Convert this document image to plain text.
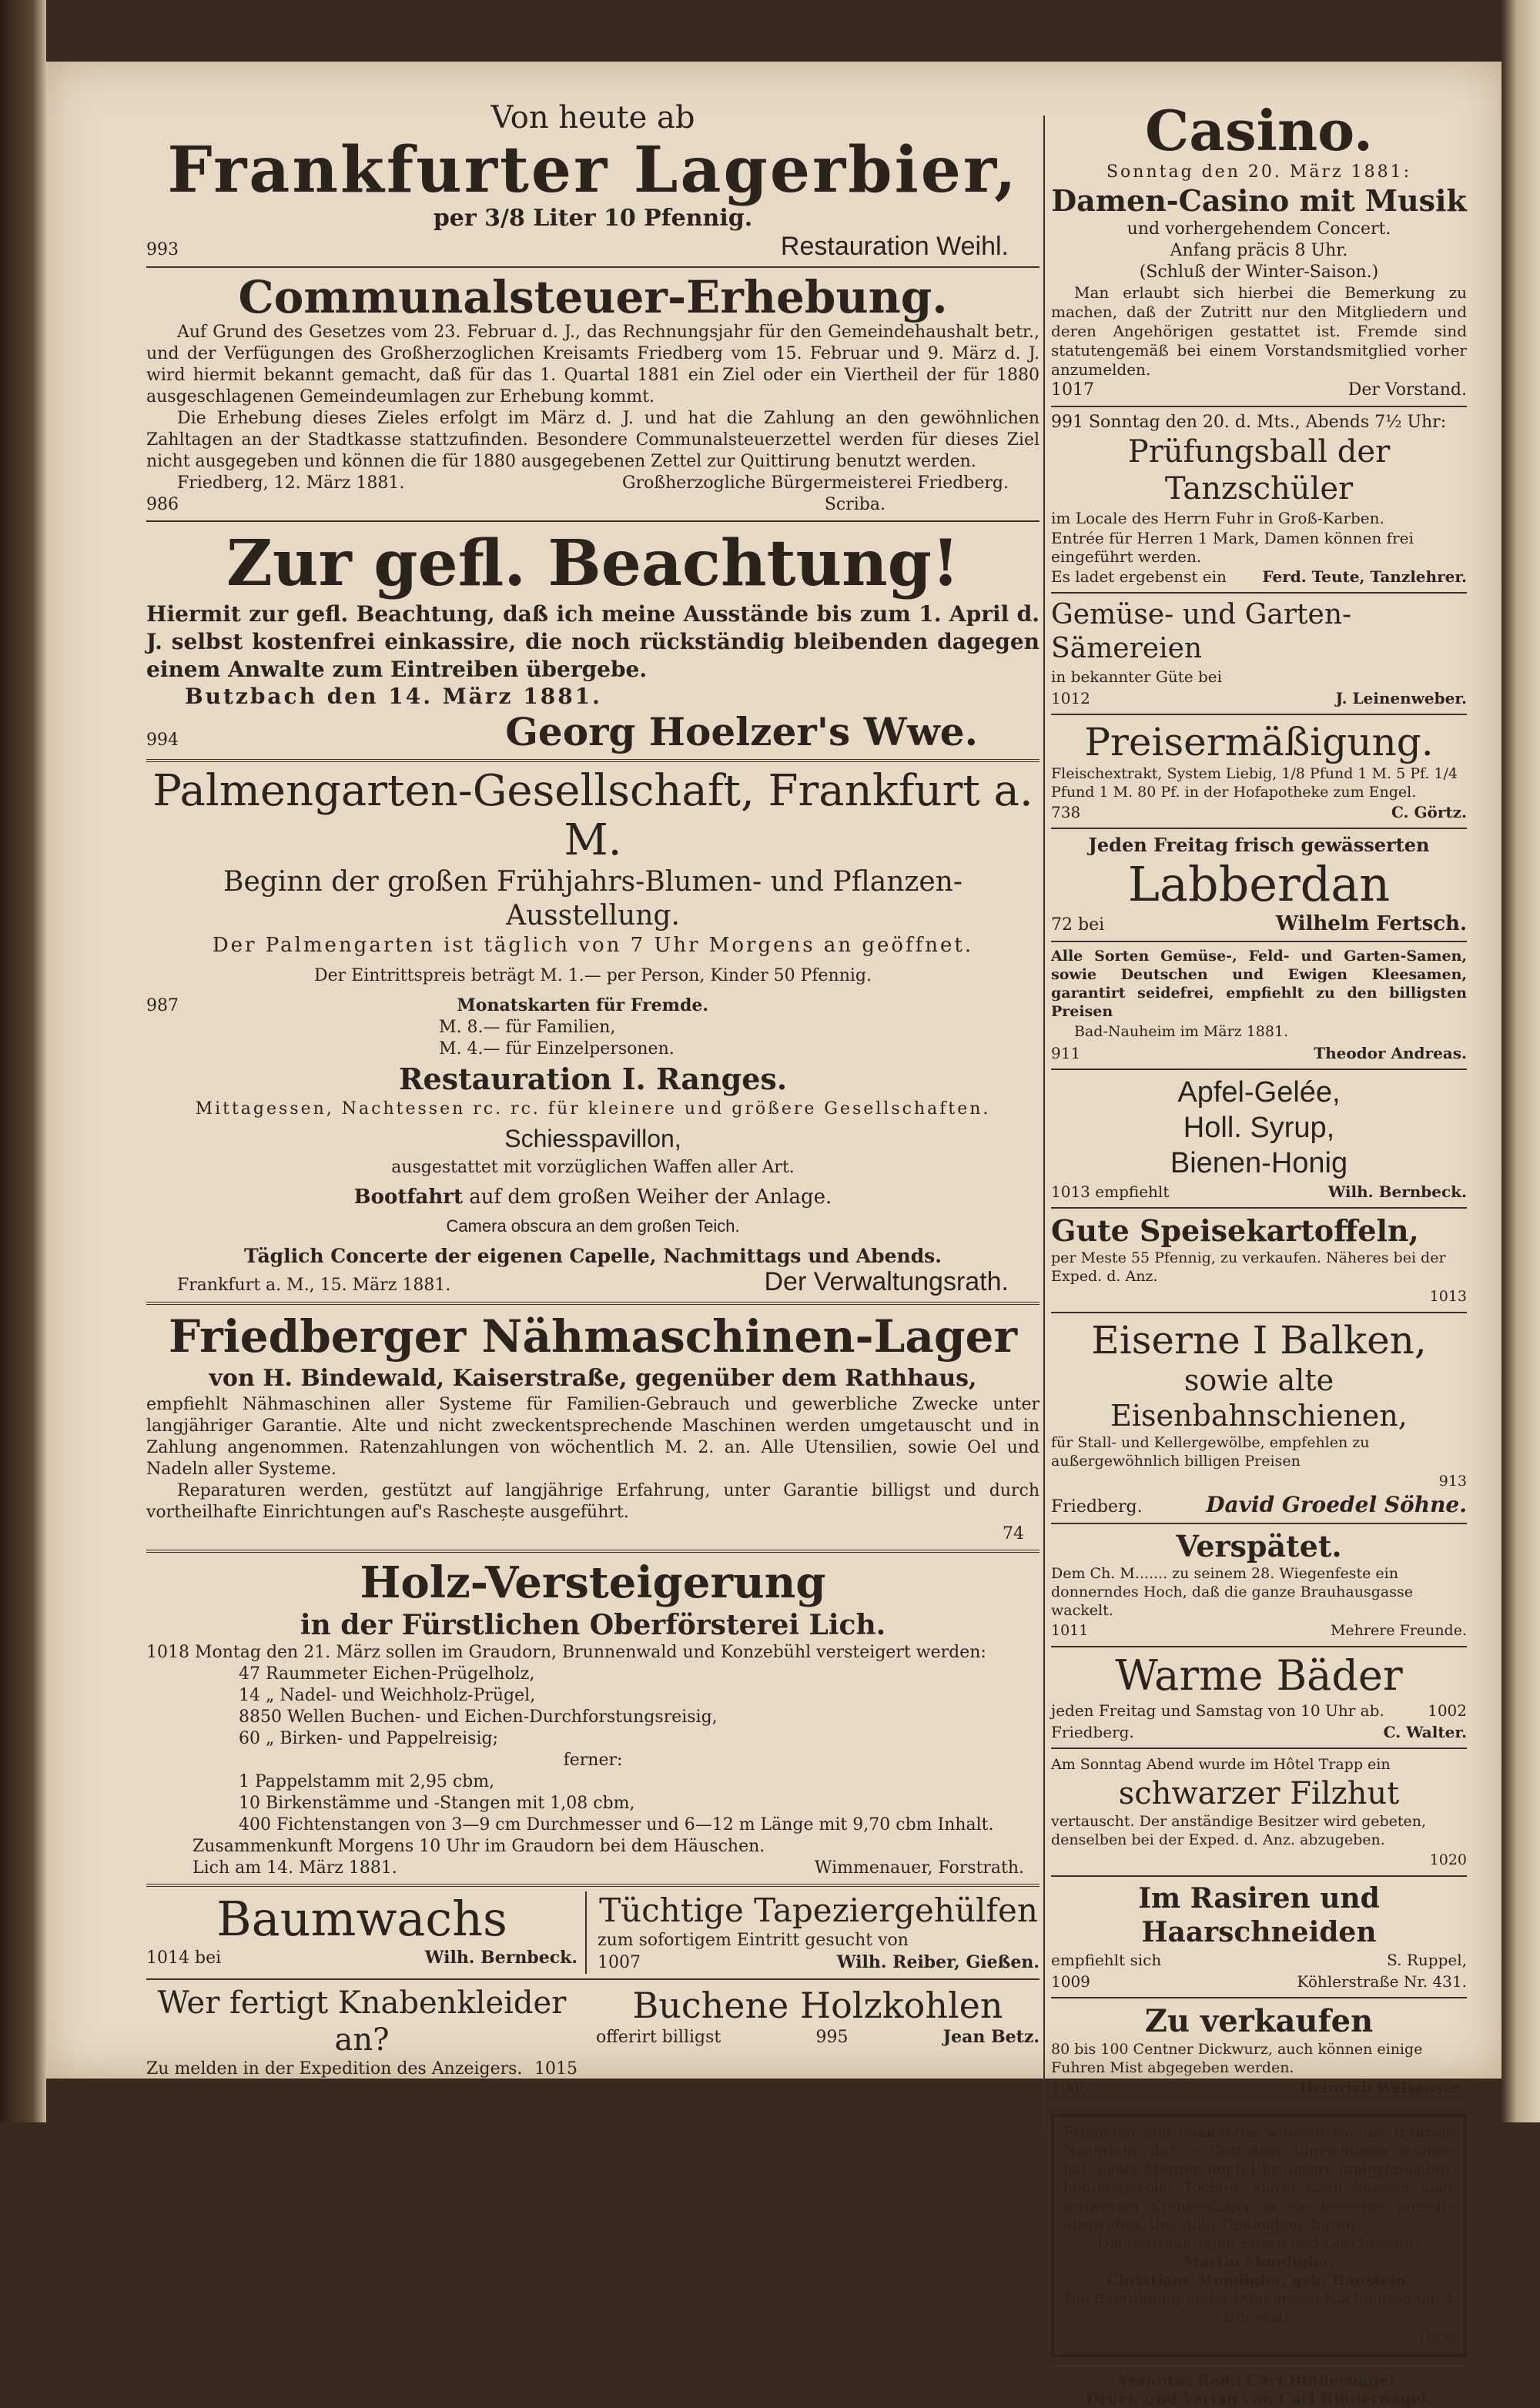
Von heute ab

Frankfurter Lagerbier,

per 3/8 Liter 10 Pfennig.

993	Restauration Weihl.

Communalsteuer-Erhebung.

Auf Grund des Gesetzes vom 23. Februar d. J., das Rechnungsjahr für den Gemeindehaushalt betr., und der Verfügungen des Großherzoglichen Kreisamts Friedberg vom 15. Februar und 9. März d. J. wird hiermit bekannt gemacht, daß für das 1. Quartal 1881 ein Ziel oder ein Viertheil der für 1880 ausgeschlagenen Gemeindeumlagen zur Erhebung kommt.

Die Erhebung dieses Zieles erfolgt im März d. J. und hat die Zahlung an den gewöhnlichen Zahltagen an der Stadtkasse stattzufinden. Besondere Communalsteuerzettel werden für dieses Ziel nicht ausgegeben und können die für 1880 ausgegebenen Zettel zur Quittirung benutzt werden.

Friedberg, 12. März 1881.	Großherzogliche Bürgermeisterei Friedberg.
986	Scriba.

Zur gefl. Beachtung!

Hiermit zur gefl. Beachtung, daß ich meine Ausstände bis zum 1. April d. J. selbst kostenfrei einkassire, die noch rückständig bleibenden dagegen einem Anwalte zum Eintreiben übergebe.

Butzbach den 14. März 1881.

994	Georg Hoelzer's Wwe.

Palmengarten-Gesellschaft, Frankfurt a. M.

Beginn der großen Frühjahrs-Blumen- und Pflanzen-Ausstellung.

Der Palmengarten ist täglich von 7 Uhr Morgens an geöffnet.

Der Eintrittspreis beträgt M. 1.— per Person, Kinder 50 Pfennig.

987	Monatskarten für Fremde.

M. 8.— für Familien,

M. 4.— für Einzelpersonen.

Restauration I. Ranges.

Mittagessen, Nachtessen rc. rc. für kleinere und größere Gesellschaften.

Schiesspavillon,

ausgestattet mit vorzüglichen Waffen aller Art.

Bootfahrt auf dem großen Weiher der Anlage.

Camera obscura an dem großen Teich.

Täglich Concerte der eigenen Capelle, Nachmittags und Abends.

Frankfurt a. M., 15. März 1881.	Der Verwaltungsrath.

Friedberger Nähmaschinen-Lager

von H. Bindewald, Kaiserstraße, gegenüber dem Rathhaus,

empfiehlt Nähmaschinen aller Systeme für Familien-Gebrauch und gewerbliche Zwecke unter langjähriger Garantie. Alte und nicht zweckentsprechende Maschinen werden umgetauscht und in Zahlung angenommen. Ratenzahlungen von wöchentlich M. 2. an. Alle Utensilien, sowie Oel und Nadeln aller Systeme.

Reparaturen werden, gestützt auf langjährige Erfahrung, unter Garantie billigst und durch vortheilhafte Einrichtungen auf's Raschește ausgeführt.

74

Holz-Versteigerung

in der Fürstlichen Oberförsterei Lich.

1018 Montag den 21. März sollen im Graudorn, Brunnenwald und Konzebühl versteigert werden:

47 Raummeter Eichen-Prügelholz,

14 „ Nadel- und Weichholz-Prügel,

8850 Wellen Buchen- und Eichen-Durchforstungsreisig,

60 „ Birken- und Pappelreisig;

ferner:

1 Pappelstamm mit 2,95 cbm,

10 Birkenstämme und -Stangen mit 1,08 cbm,

400 Fichtenstangen von 3—9 cm Durchmesser und 6—12 m Länge mit 9,70 cbm Inhalt.

Zusammenkunft Morgens 10 Uhr im Graudorn bei dem Häuschen.

Lich am 14. März 1881.	Wimmenauer, Forstrath.

Baumwachs

1014 bei	Wilh. Bernbeck.

Tüchtige Tapeziergehülfen

zum sofortigem Eintritt gesucht von

1007	Wilh. Reiber, Gießen.

Wer fertigt Knabenkleider an?

Zu melden in der Expedition des Anzeigers. 1015

Buchene Holzkohlen

offerirt billigst	995	Jean Betz.

Casino.

Sonntag den 20. März 1881:

Damen-Casino mit Musik

und vorhergehendem Concert.

Anfang präcis 8 Uhr.

(Schluß der Winter-Saison.)

Man erlaubt sich hierbei die Bemerkung zu machen, daß der Zutritt nur den Mitgliedern und deren Angehörigen gestattet ist. Fremde sind statutengemäß bei einem Vorstandsmitglied vorher anzumelden.

1017	Der Vorstand.

991 Sonntag den 20. d. Mts., Abends 7½ Uhr:

Prüfungsball der Tanzschüler

im Locale des Herrn Fuhr in Groß-Karben.

Entrée für Herren 1 Mark, Damen können frei eingeführt werden.

Es ladet ergebenst ein Ferd. Teute, Tanzlehrer.

Gemüse- und Garten-Sämereien

in bekannter Güte bei

1012	J. Leinenweber.

Preisermäßigung.

Fleischextrakt, System Liebig, 1/8 Pfund 1 M. 5 Pf. 1/4 Pfund 1 M. 80 Pf. in der Hofapotheke zum Engel.

738	C. Görtz.

Jeden Freitag frisch gewässerten

Labberdan

72 bei	Wilhelm Fertsch.

Alle Sorten Gemüse-, Feld- und Garten-Samen, sowie Deutschen und Ewigen Kleesamen, garantirt seidefrei, empfiehlt zu den billigsten Preisen

Bad-Nauheim im März 1881.

911	Theodor Andreas.

Apfel-Gelée,

Holl. Syrup,

Bienen-Honig

1013 empfiehlt	Wilh. Bernbeck.

Gute Speisekartoffeln,

per Meste 55 Pfennig, zu verkaufen. Näheres bei der Exped. d. Anz.

1013

Eiserne I Balken,

sowie alte Eisenbahnschienen,

für Stall- und Kellergewölbe, empfehlen zu außergewöhnlich billigen Preisen

913

Friedberg.	David Groedel Söhne.

Verspätet.

Dem Ch. M....... zu seinem 28. Wiegenfeste ein donnerndes Hoch, daß die ganze Brauhausgasse wackelt.

1011	Mehrere Freunde.

Warme Bäder

jeden Freitag und Samstag von 10 Uhr ab.	1002
Friedberg.	C. Walter.

Am Sonntag Abend wurde im Hôtel Trapp ein

schwarzer Filzhut

vertauscht. Der anständige Besitzer wird gebeten, denselben bei der Exped. d. Anz. abzugeben.

1020

Im Rasiren und Haarschneiden

empfiehlt sich	S. Ruppel,
1009	Köhlerstraße Nr. 431.

Zu verkaufen

80 bis 100 Centner Dickwurz, auch können einige Fuhren Mist abgegeben werden.

1006	Heinrich Weisensee.

Freunden und Bekannten widmen wir die traurige Nachricht, daß es Gott dem Allmächtigen gefallen hat, heute Morgen um 6 Uhr unsere innigstgeliebte, hoffnungsvolle Tochter Marie nach kurzem aber schwerem Krankenlager in ein besseres Jenseits abzurufen. Um stille Theilnahme bitten

Die tieftrauernden Eltern und Geschwister:

Martin Mondigler,

Christiane Mondigler, geb. Hanstein.

Die Beerdigung findet Donnerstag Nachmittag um 4 Uhr statt.

1000

Verantw. Red.: Carl Bindernagel.

Druck und Verlag von Carl Bindernagel.
